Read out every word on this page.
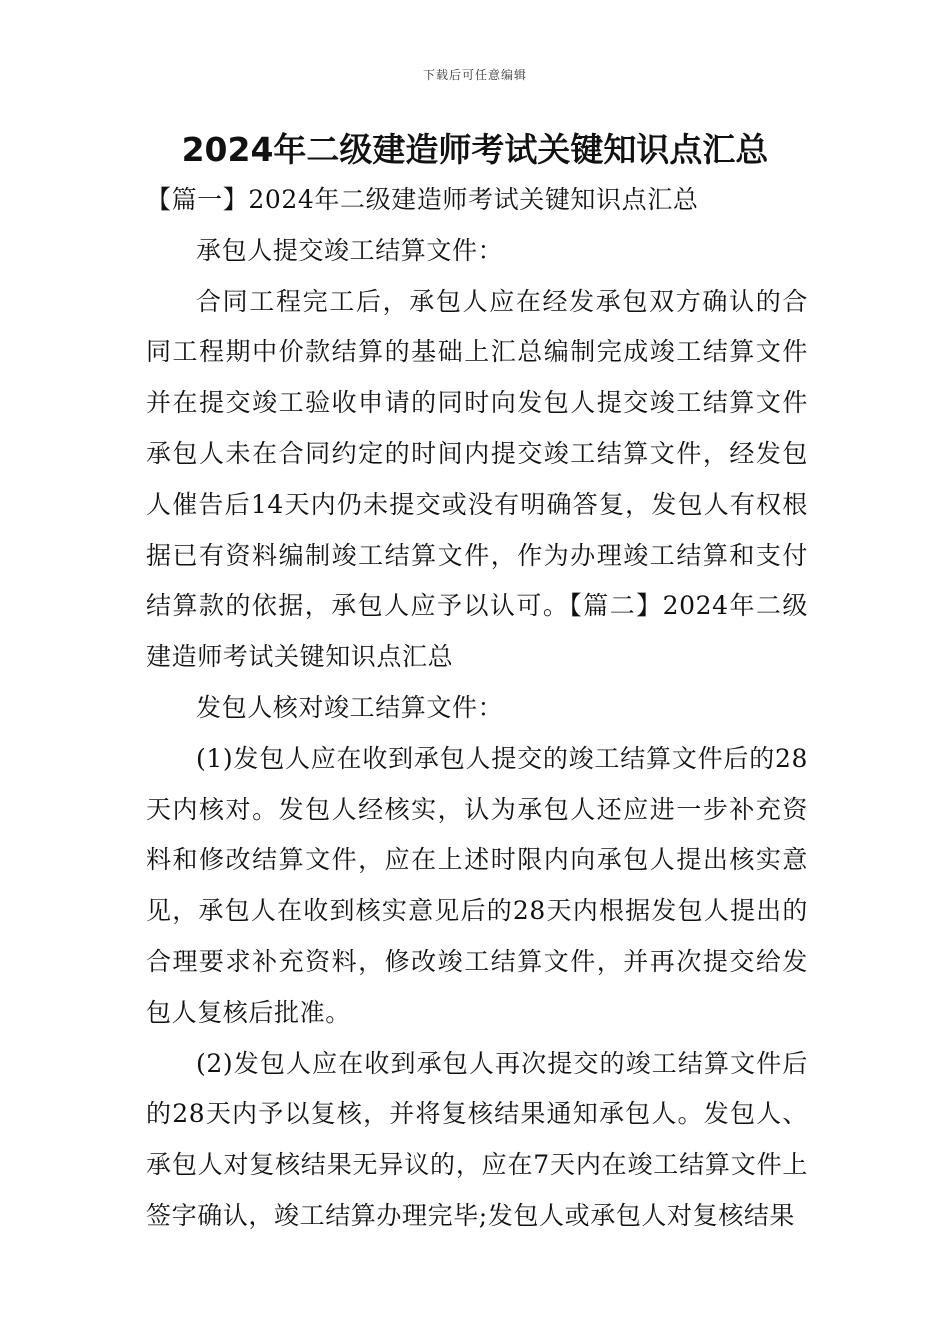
下载后可任意编辑
2024年二级建造师考试关键知识点汇总

【篇一】2024年二级建造师考试关键知识点汇总

承包人提交竣工结算文件：

合同工程完工后，承包人应在经发承包双方确认的合同工程期中价款结算的基础上汇总编制完成竣工结算文件并在提交竣工验收申请的同时向发包人提交竣工结算文件承包人未在合同约定的时间内提交竣工结算文件，经发包人催告后14天内仍未提交或没有明确答复，发包人有权根据已有资料编制竣工结算文件，作为办理竣工结算和支付结算款的依据，承包人应予以认可。【篇二】2024年二级建造师考试关键知识点汇总

发包人核对竣工结算文件：

(1)发包人应在收到承包人提交的竣工结算文件后的28天内核对。发包人经核实，认为承包人还应进一步补充资料和修改结算文件，应在上述时限内向承包人提出核实意见，承包人在收到核实意见后的28天内根据发包人提出的合理要求补充资料，修改竣工结算文件，并再次提交给发包人复核后批准。

(2)发包人应在收到承包人再次提交的竣工结算文件后的28天内予以复核，并将复核结果通知承包人。发包人、承包人对复核结果无异议的，应在7天内在竣工结算文件上签字确认，竣工结算办理完毕;发包人或承包人对复核结果
